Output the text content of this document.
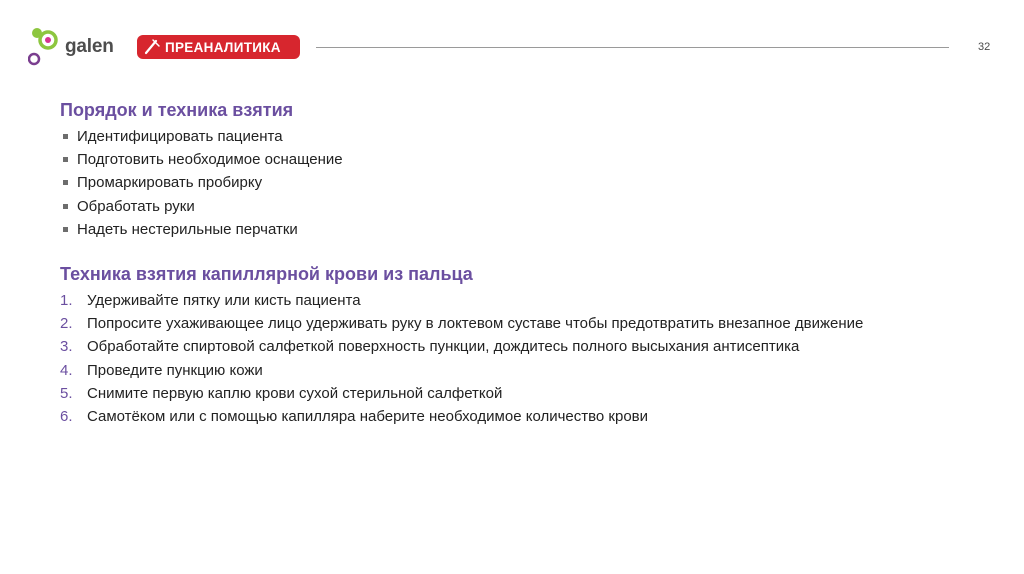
galen	ПРЕАНАЛИТИКА	32
Порядок и техника взятия
Идентифицировать пациента
Подготовить необходимое оснащение
Промаркировать пробирку
Обработать руки
Надеть нестерильные перчатки
Техника взятия капиллярной крови из пальца
1. Удерживайте пятку или кисть пациента
2. Попросите ухаживающее лицо удерживать руку в локтевом суставе чтобы предотвратить внезапное движение
3. Обработайте спиртовой салфеткой поверхность пункции, дождитесь полного высыхания антисептика
4. Проведите пункцию кожи
5. Снимите первую каплю крови сухой стерильной салфеткой
6. Самотёком или с помощью капилляра наберите необходимое количество крови
